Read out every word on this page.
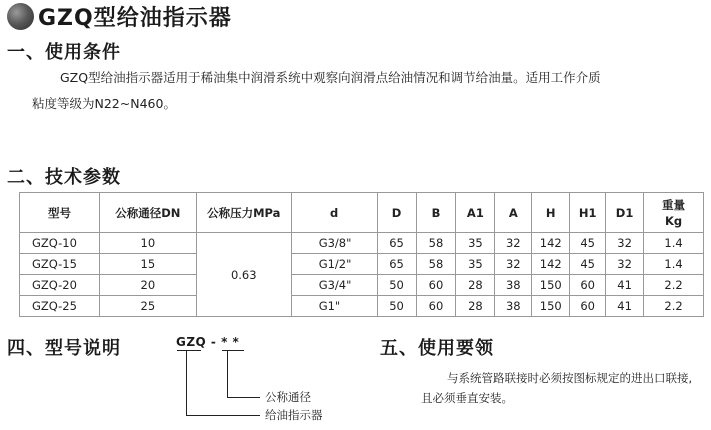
GZQ型给油指示器
一、使用条件
GZQ型给油指示器适用于稀油集中润滑系统中观察向润滑点给油情况和调节给油量。适用工作介质
粘度等级为N22~N460。
二、技术参数
型号	公称通径DN	公称压力MPa	d	D	B	A1	A	H	H1	D1	重量
Kg
GZQ-10	10	0.63	G3/8"	65	58	35	32	142	45	32	1.4
GZQ-15	15		G1/2"	65	58	35	32	142	45	32	1.4
GZQ-20	20		G3/4"	50	60	28	38	150	60	41	2.2
GZQ-25	25		G1"	50	60	28	38	150	60	41	2.2
四、型号说明	GZQ - * *
公称通径
给油指示器
五、使用要领
与系统管路联接时必须按图标规定的进出口联接,
且必须垂直安装。
